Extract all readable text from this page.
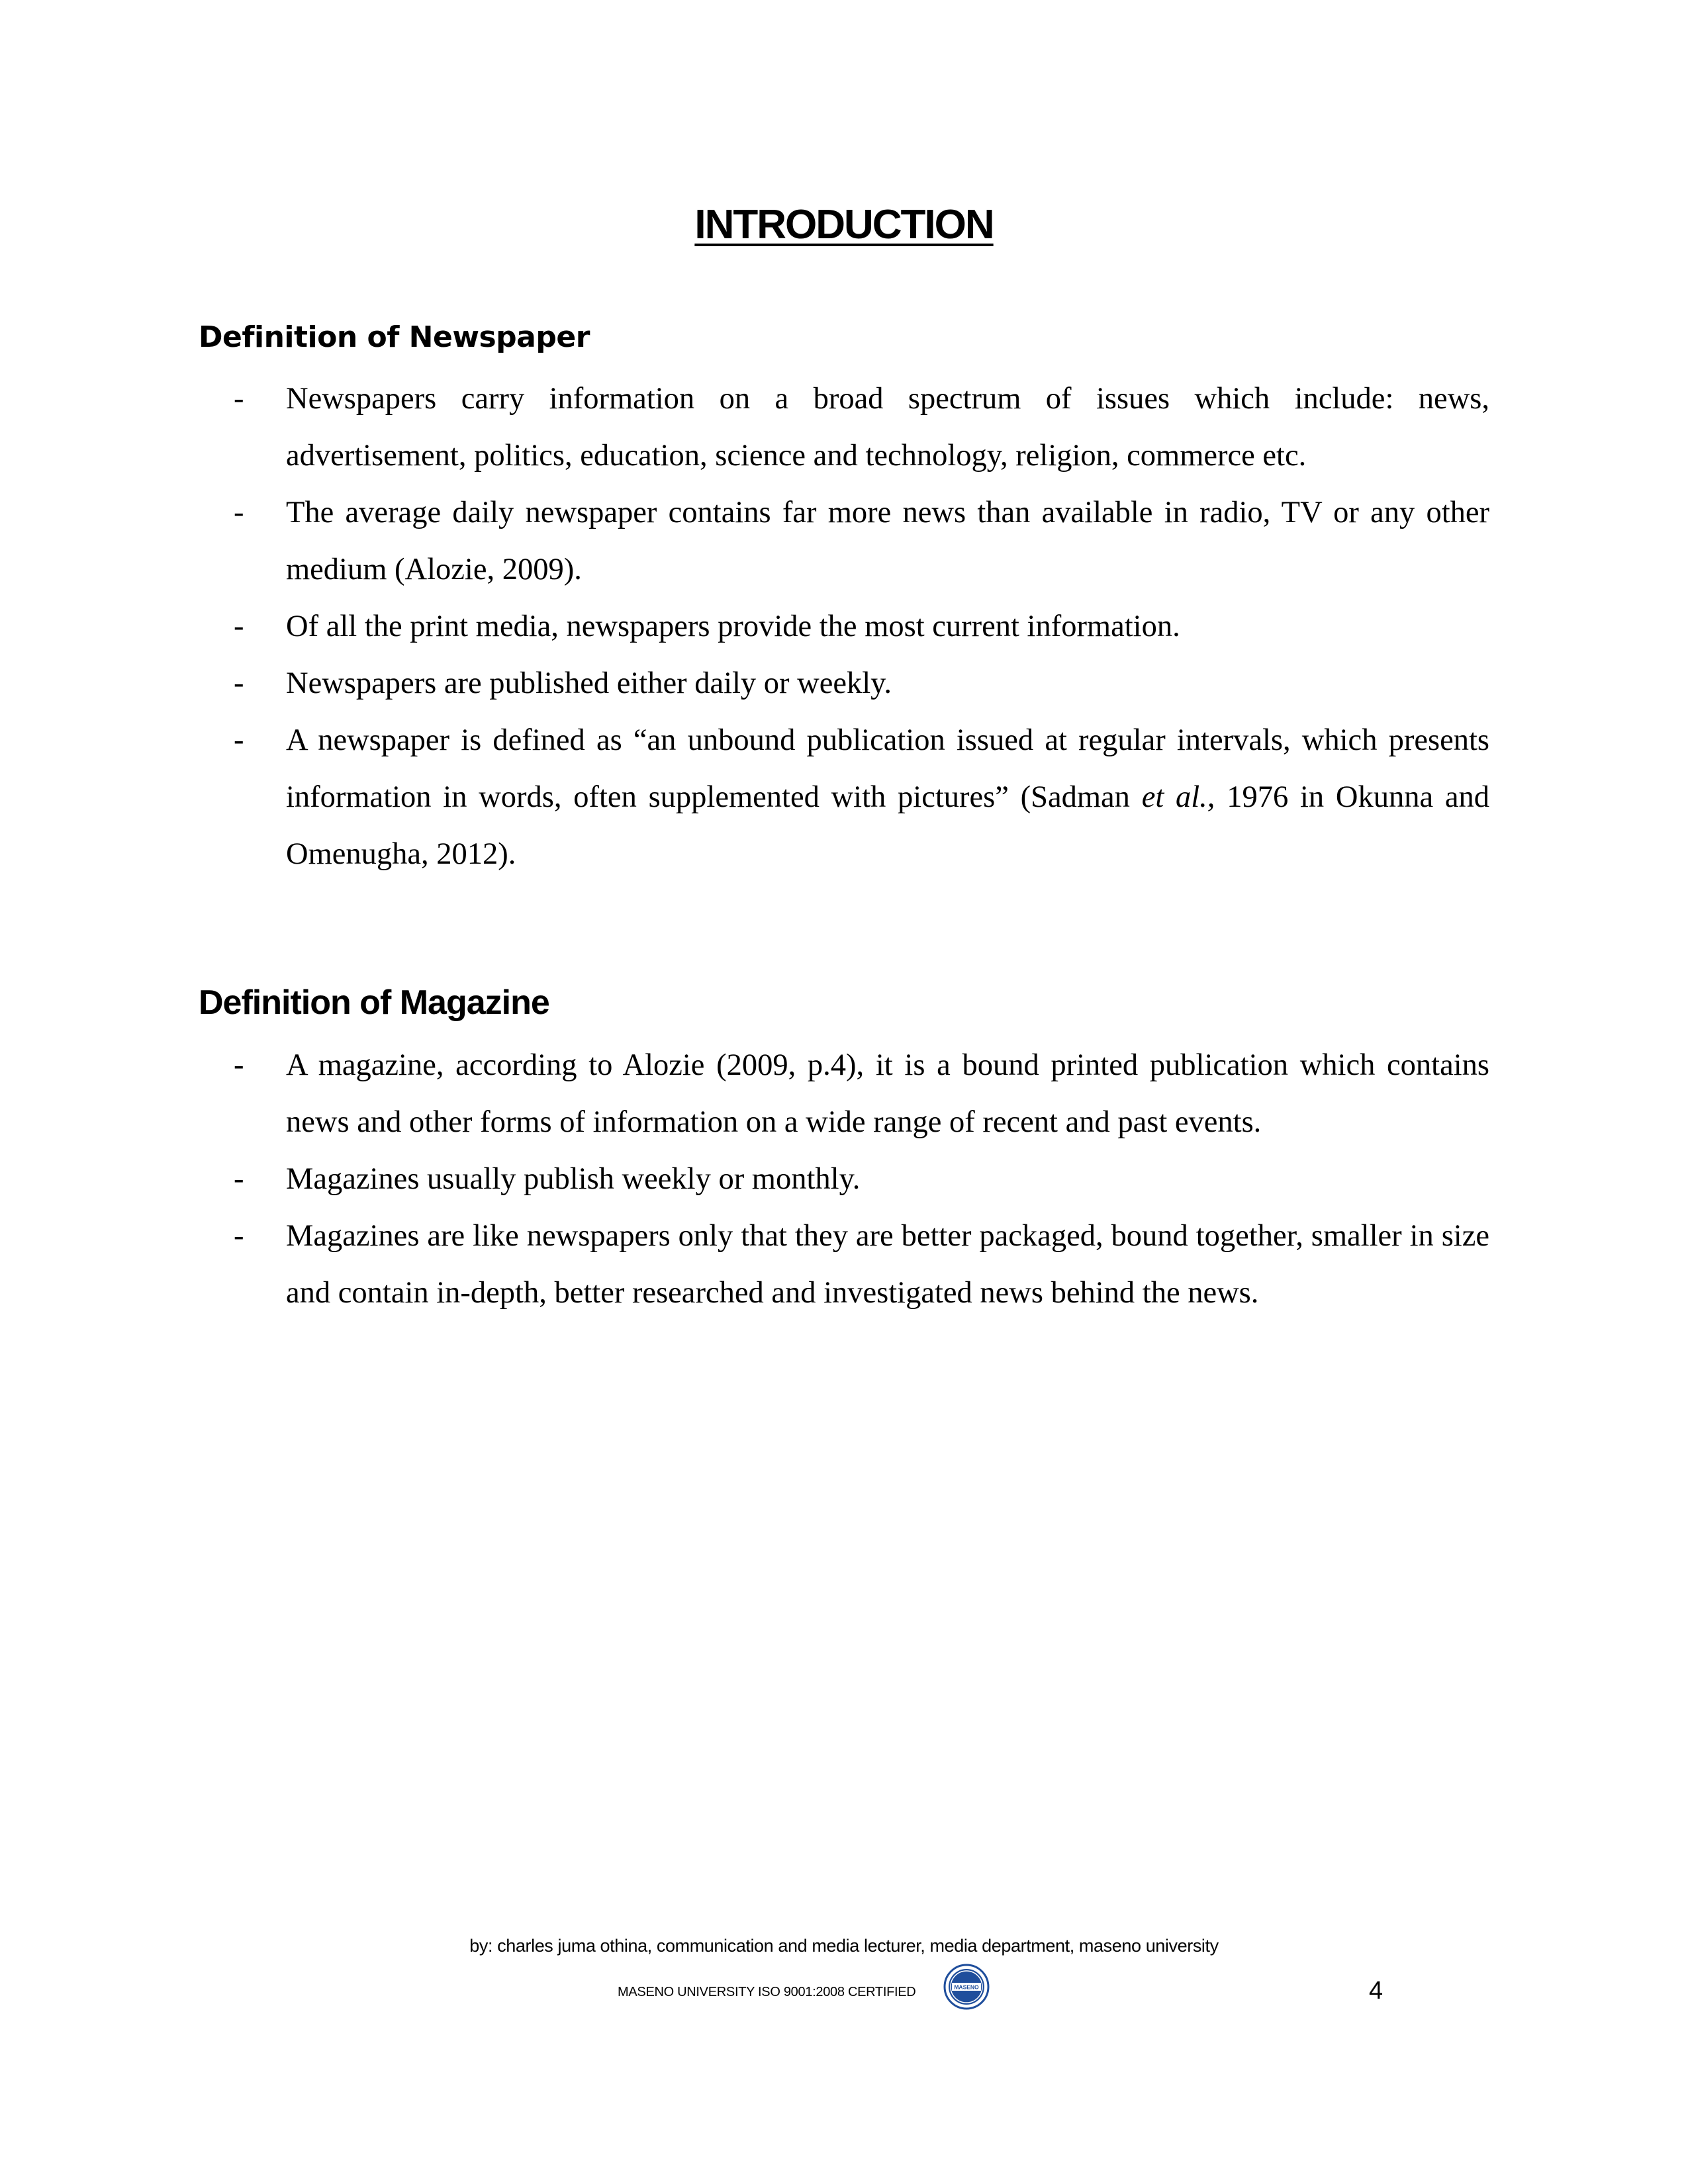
INTRODUCTION
Definition of Newspaper
- Newspapers carry information on a broad spectrum of issues which include: news, advertisement, politics, education, science and technology, religion, commerce etc.
- The average daily newspaper contains far more news than available in radio, TV or any other medium (Alozie, 2009).
- Of all the print media, newspapers provide the most current information.
- Newspapers are published either daily or weekly.
- A newspaper is defined as “an unbound publication issued at regular intervals, which presents information in words, often supplemented with pictures” (Sadman et al., 1976 in Okunna and Omenugha, 2012).
Definition of Magazine
- A magazine, according to Alozie (2009, p.4), it is a bound printed publication which contains news and other forms of information on a wide range of recent and past events.
- Magazines usually publish weekly or monthly.
- Magazines are like newspapers only that they are better packaged, bound together, smaller in size and contain in-depth, better researched and investigated news behind the news.
by: charles juma othina, communication and media lecturer, media department, maseno university
MASENO UNIVERSITY ISO 9001:2008 CERTIFIED	MASENO	4
